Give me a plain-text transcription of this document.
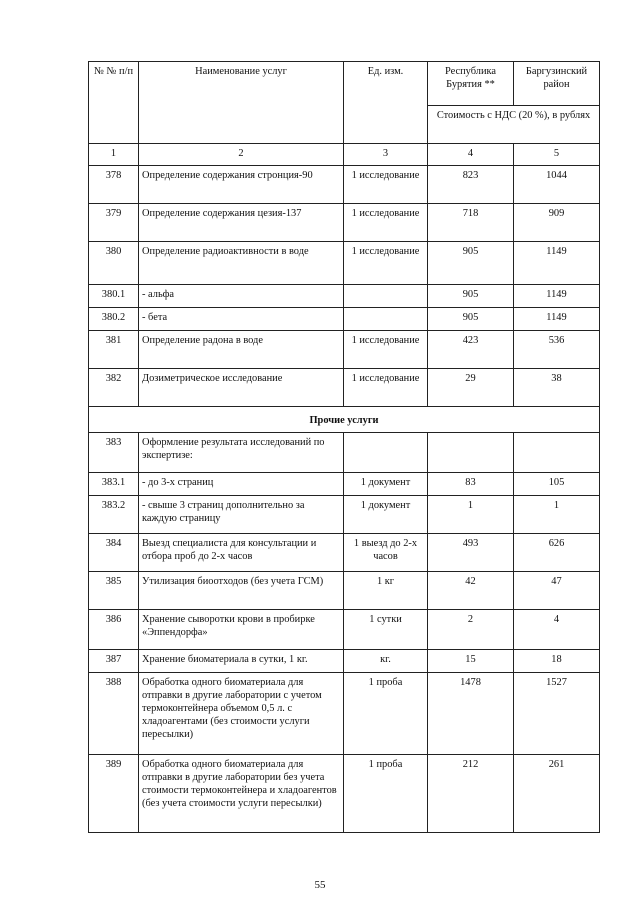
№ № п/п	Наименование услуг	Ед. изм.	Республика Бурятия **	Баргузинский район
			Стоимость с НДС (20 %), в рублях	
1	2	3	4	5
378	Определение содержания стронция-90	1 исследование	823	1044
379	Определение содержания цезия-137	1 исследование	718	909
380	Определение радиоактивности в воде	1 исследование	905	1149
380.1	- альфа		905	1149
380.2	- бета		905	1149
381	Определение радона в воде	1 исследование	423	536
382	Дозиметрическое исследование	1 исследование	29	38
Прочие услуги				
383	Оформление результата исследований по экспертизе:			
383.1	- до 3-х страниц	1 документ	83	105
383.2	- свыше 3 страниц дополнительно за каждую страницу	1 документ	1	1
384	Выезд специалиста для консультации и отбора проб до 2-х часов	1 выезд до 2-х часов	493	626
385	Утилизация биоотходов (без учета ГСМ)	1 кг	42	47
386	Хранение сыворотки крови в пробирке «Эппендорфа»	1 сутки	2	4
387	Хранение биоматериала в сутки, 1 кг.	кг.	15	18
388	Обработка одного биоматериала для отправки в другие лаборатории с учетом термоконтейнера объемом 0,5 л. с хладоагентами (без стоимости услуги пересылки)	1 проба	1478	1527
389	Обработка одного биоматериала для отправки в другие лаборатории без учета стоимости термоконтейнера и хладоагентов (без учета стоимости услуги пересылки)	1 проба	212	261
55
